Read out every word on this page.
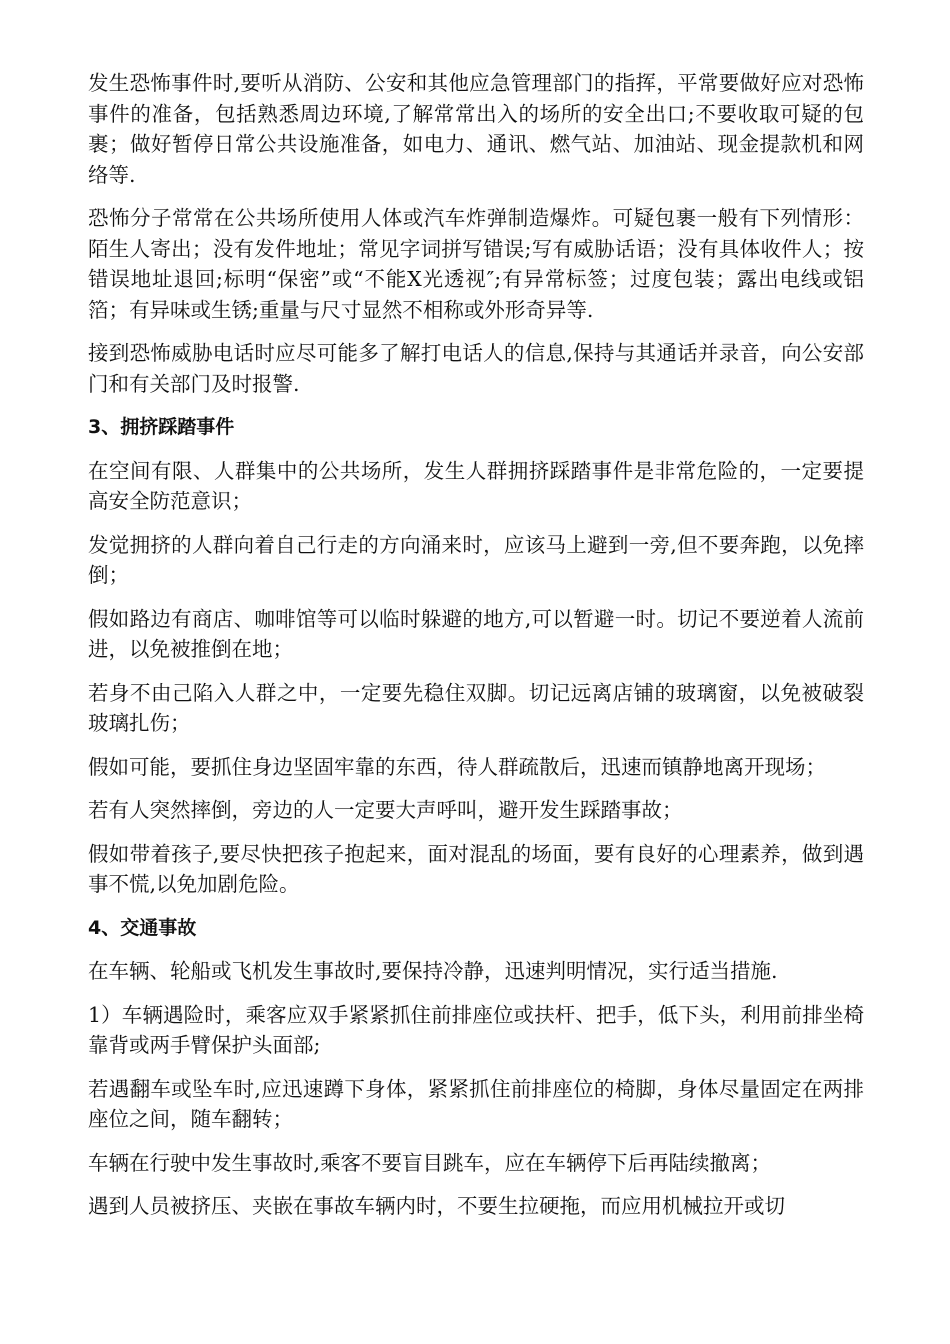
发生恐怖事件时,要听从消防、公安和其他应急管理部门的指挥，平常要做好应对恐怖事件的准备，包括熟悉周边环境,了解常常出入的场所的安全出口;不要收取可疑的包裹；做好暂停日常公共设施准备，如电力、通讯、燃气站、加油站、现金提款机和网络等.

恐怖分子常常在公共场所使用人体或汽车炸弹制造爆炸。可疑包裹一般有下列情形：陌生人寄出；没有发件地址；常见字词拼写错误;写有威胁话语；没有具体收件人；按错误地址退回;标明“保密”或“不能X光透视″;有异常标签；过度包装；露出电线或铝箔；有异味或生锈;重量与尺寸显然不相称或外形奇异等.

接到恐怖威胁电话时应尽可能多了解打电话人的信息,保持与其通话并录音，向公安部门和有关部门及时报警.

3、拥挤踩踏事件

在空间有限、人群集中的公共场所，发生人群拥挤踩踏事件是非常危险的，一定要提高安全防范意识；

发觉拥挤的人群向着自己行走的方向涌来时，应该马上避到一旁,但不要奔跑，以免摔倒；

假如路边有商店、咖啡馆等可以临时躲避的地方,可以暂避一时。切记不要逆着人流前进，以免被推倒在地；

若身不由己陷入人群之中，一定要先稳住双脚。切记远离店铺的玻璃窗，以免被破裂玻璃扎伤；

假如可能，要抓住身边坚固牢靠的东西，待人群疏散后，迅速而镇静地离开现场；

若有人突然摔倒，旁边的人一定要大声呼叫，避开发生踩踏事故；

假如带着孩子,要尽快把孩子抱起来，面对混乱的场面，要有良好的心理素养，做到遇事不慌,以免加剧危险。

4、交通事故

在车辆、轮船或飞机发生事故时,要保持冷静，迅速判明情况，实行适当措施.

1）车辆遇险时，乘客应双手紧紧抓住前排座位或扶杆、把手，低下头，利用前排坐椅靠背或两手臂保护头面部;

若遇翻车或坠车时,应迅速蹲下身体，紧紧抓住前排座位的椅脚，身体尽量固定在两排座位之间，随车翻转；

车辆在行驶中发生事故时,乘客不要盲目跳车，应在车辆停下后再陆续撤离；

遇到人员被挤压、夹嵌在事故车辆内时，不要生拉硬拖，而应用机械拉开或切
